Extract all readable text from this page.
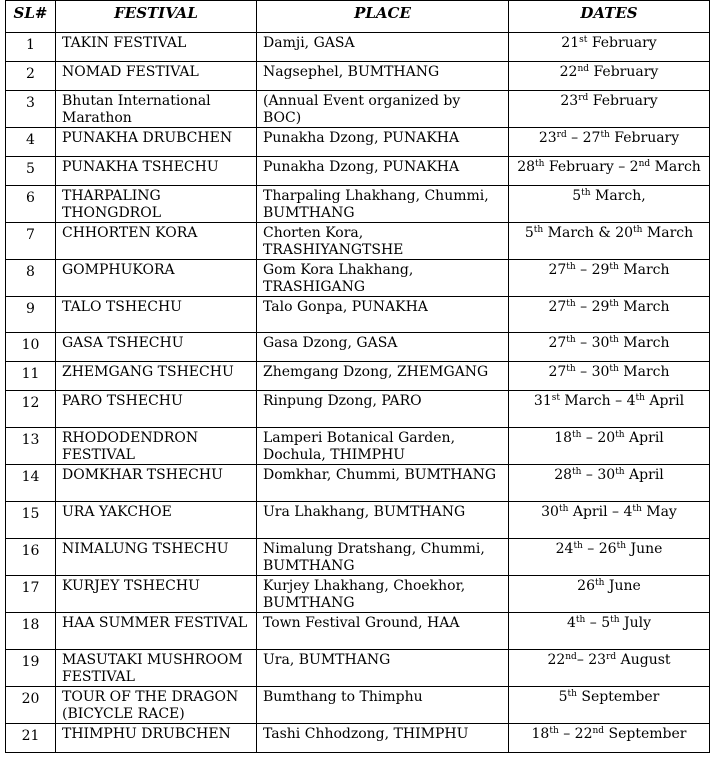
SL#	FESTIVAL	PLACE	DATES
1	TAKIN FESTIVAL	Damji, GASA	21st February
2	NOMAD FESTIVAL	Nagsephel, BUMTHANG	22nd February
3	Bhutan International Marathon	(Annual Event organized by BOC)	23rd February
4	PUNAKHA DRUBCHEN	Punakha Dzong, PUNAKHA	23rd – 27th February
5	PUNAKHA TSHECHU	Punakha Dzong, PUNAKHA	28th February – 2nd March
6	THARPALING THONGDROL	Tharpaling Lhakhang, Chummi, BUMTHANG	5th March,
7	CHHORTEN KORA	Chorten Kora, TRASHIYANGTSHE	5th March & 20th March
8	GOMPHUKORA	Gom Kora Lhakhang, TRASHIGANG	27th – 29th March
9	TALO TSHECHU	Talo Gonpa, PUNAKHA	27th – 29th March
10	GASA TSHECHU	Gasa Dzong, GASA	27th – 30th March
11	ZHEMGANG TSHECHU	Zhemgang Dzong, ZHEMGANG	27th – 30th March
12	PARO TSHECHU	Rinpung Dzong, PARO	31st March – 4th April
13	RHODODENDRON FESTIVAL	Lamperi Botanical Garden, Dochula, THIMPHU	18th – 20th April
14	DOMKHAR TSHECHU	Domkhar, Chummi, BUMTHANG	28th – 30th April
15	URA YAKCHOE	Ura Lhakhang, BUMTHANG	30th April – 4th May
16	NIMALUNG TSHECHU	Nimalung Dratshang, Chummi, BUMTHANG	24th – 26th June
17	KURJEY TSHECHU	Kurjey Lhakhang, Choekhor, BUMTHANG	26th June
18	HAA SUMMER FESTIVAL	Town Festival Ground, HAA	4th – 5th July
19	MASUTAKI MUSHROOM FESTIVAL	Ura, BUMTHANG	22nd– 23rd August
20	TOUR OF THE DRAGON (BICYCLE RACE)	Bumthang to Thimphu	5th September
21	THIMPHU DRUBCHEN	Tashi Chhodzong, THIMPHU	18th – 22nd September
